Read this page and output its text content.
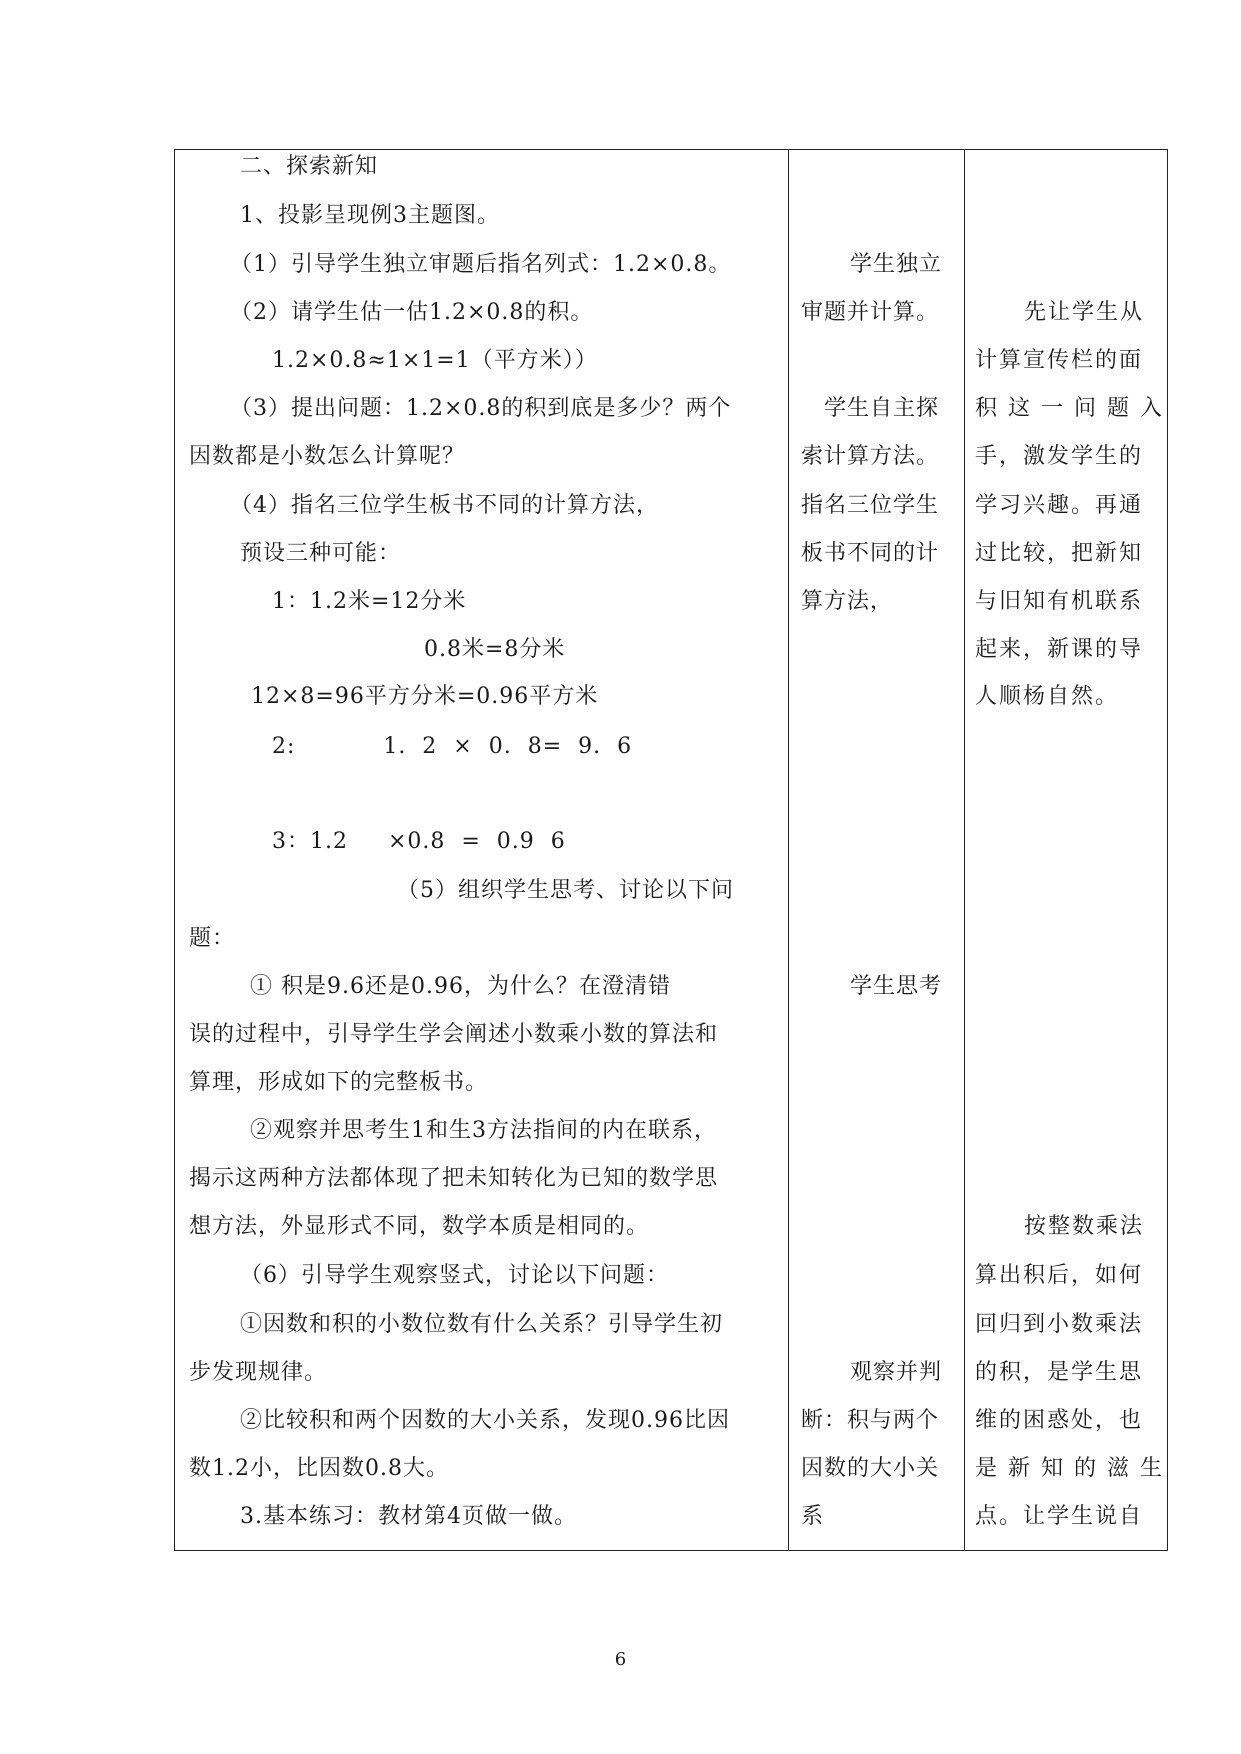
二、探索新知
1、投影呈现例3主题图。
（1）引导学生独立审题后指名列式：1.2×0.8。
（2）请学生估一估1.2×0.8的积。
1.2×0.8≈1×1=1（平方米））
（3）提出问题：1.2×0.8的积到底是多少？两个
因数都是小数怎么计算呢？
（4）指名三位学生板书不同的计算方法，
预设三种可能：
1：1.2米=12分米
0.8米=8分米
12×8=96平方分米=0.96平方米
2:           1.  2  ×  0.  8=  9.  6
3：1.2     ×0.8  =  0.9  6
（5）组织学生思考、讨论以下问
题：
① 积是9.6还是0.96，为什么？在澄清错
误的过程中，引导学生学会阐述小数乘小数的算法和
算理，形成如下的完整板书。
②观察并思考生1和生3方法指间的内在联系，
揭示这两种方法都体现了把未知转化为已知的数学思
想方法，外显形式不同，数学本质是相同的。
（6）引导学生观察竖式，讨论以下问题：
①因数和积的小数位数有什么关系？引导学生初
步发现规律。
②比较积和两个因数的大小关系，发现0.96比因
数1.2小，比因数0.8大。
3.基本练习：教材第4页做一做。
学生独立
审题并计算。
学生自主探
索计算方法。
指名三位学生
板书不同的计
算方法，
学生思考
观察并判
断：积与两个
因数的大小关
系
先让学生从
计算宣传栏的面
积这一问题入
手，激发学生的
学习兴趣。再通
过比较，把新知
与旧知有机联系
起来，新课的导
人顺杨自然。
按整数乘法
算出积后，如何
回归到小数乘法
的积，是学生思
维的困惑处，也
是新知的滋生
点。让学生说自
6
